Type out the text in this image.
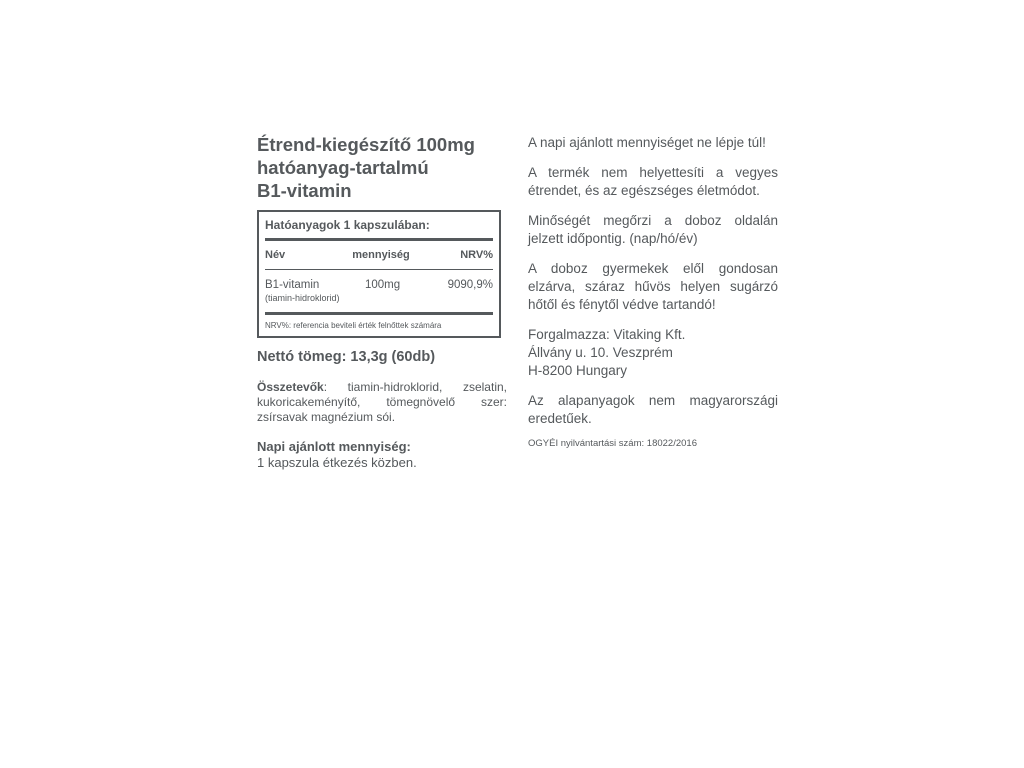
Étrend-kiegészítő 100mg
hatóanyag-tartalmú
B1-vitamin
Hatóanyagok 1 kapszulában:
Név	mennyiség	NRV%
B1-vitamin	100mg	9090,9%
(tiamin-hidroklorid)
NRV%: referencia beviteli érték felnőttek számára
Nettó tömeg: 13,3g (60db)
Összetevők: tiamin-hidroklorid, zselatin, kukoricakeményítő, tömegnövelő szer: zsírsavak magnézium sói.
Napi ajánlott mennyiség:
1 kapszula étkezés közben.

A napi ajánlott mennyiséget ne lépje túl!

A termék nem helyettesíti a vegyes étrendet, és az egészséges életmódot.

Minőségét megőrzi a doboz oldalán jelzett időpontig. (nap/hó/év)

A doboz gyermekek elől gondosan elzárva, száraz hűvös helyen sugárzó hőtől és fénytől védve tartandó!

Forgalmazza: Vitaking Kft.
Állvány u. 10. Veszprém
H-8200 Hungary

Az alapanyagok nem magyarországi eredetűek.

OGYÉI nyilvántartási szám: 18022/2016
